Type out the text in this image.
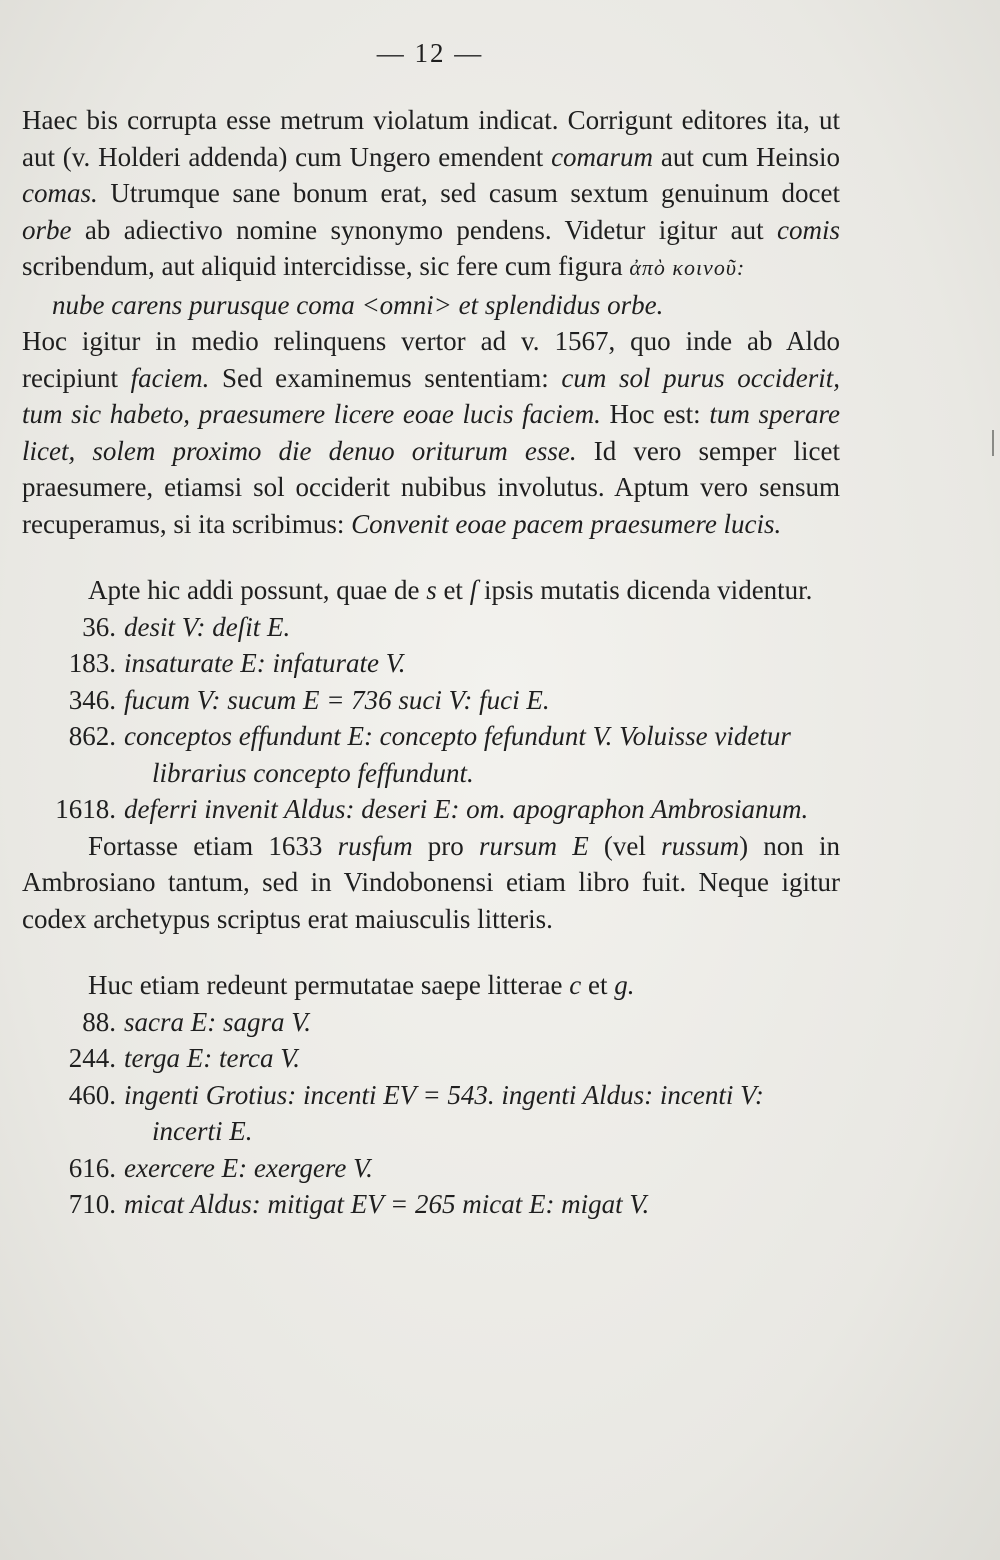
— 12 —

Haec bis corrupta esse metrum violatum indicat. Corrigunt editores ita, ut aut (v. Holderi addenda) cum Ungero emendent comarum aut cum Heinsio comas. Utrumque sane bonum erat, sed casum sextum genuinum docet orbe ab adiectivo nomine synonymo pendens. Videtur igitur aut comis scribendum, aut aliquid intercidisse, sic fere cum figura ἀπὸ κοινοῦ:

nube carens purusque coma <omni> et splendidus orbe.

Hoc igitur in medio relinquens vertor ad v. 1567, quo inde ab Aldo recipiunt faciem. Sed examinemus sententiam: cum sol purus occiderit, tum sic habeto, praesumere licere eoae lucis faciem. Hoc est: tum sperare licet, solem proximo die denuo oriturum esse. Id vero semper licet praesumere, etiamsi sol occiderit nubibus involutus. Aptum vero sensum recuperamus, si ita scribimus: Convenit eoae pacem praesumere lucis.

Apte hic addi possunt, quae de s et ſ ipsis mutatis dicenda videntur.

36. desit V: deſit E.

183. insaturate E: infaturate V.

346. fucum V: sucum E = 736 suci V: fuci E.

862. conceptos effundunt E: concepto fefundunt V. Voluisse videtur librarius concepto feffundunt.

1618. deferri invenit Aldus: deseri E: om. apographon Ambrosianum.

Fortasse etiam 1633 rusfum pro rursum E (vel russum) non in Ambrosiano tantum, sed in Vindobonensi etiam libro fuit. Neque igitur codex archetypus scriptus erat maiusculis litteris.

Huc etiam redeunt permutatae saepe litterae c et g.

88. sacra E: sagra V.

244. terga E: terca V.

460. ingenti Grotius: incenti EV = 543. ingenti Aldus: incenti V: incerti E.

616. exercere E: exergere V.

710. micat Aldus: mitigat EV = 265 micat E: migat V.
